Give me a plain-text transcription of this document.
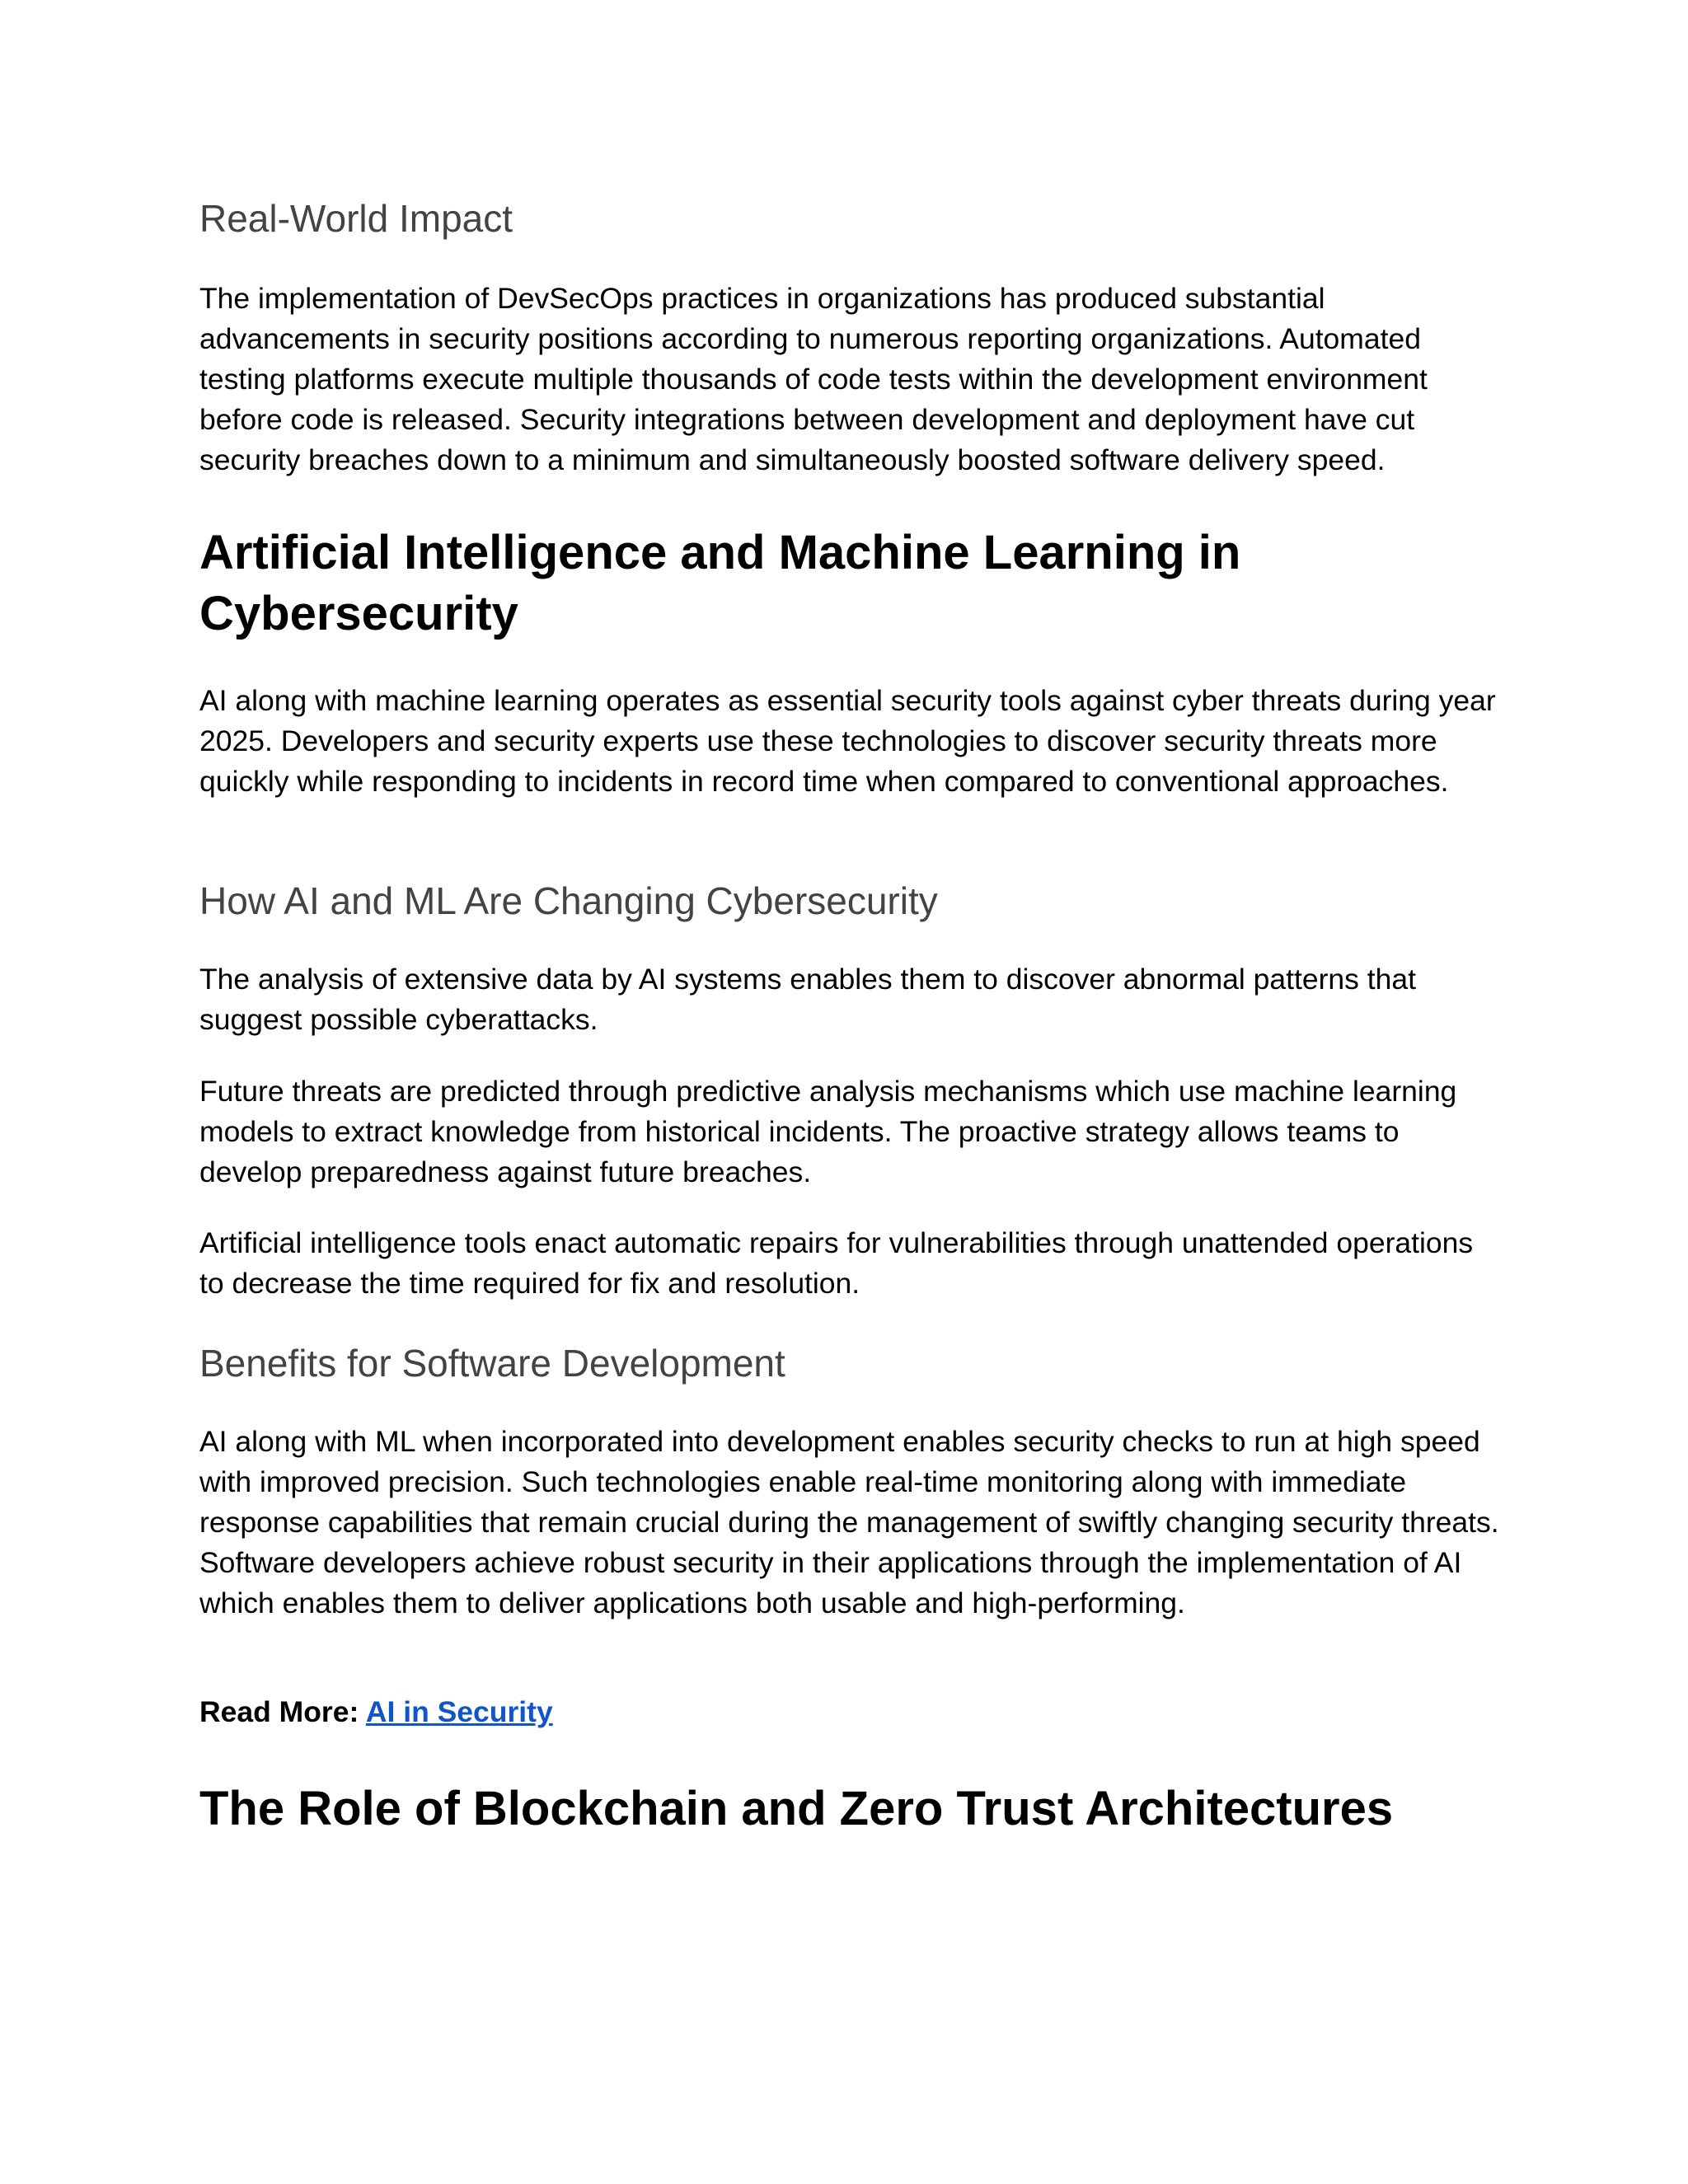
Real-World Impact

The implementation of DevSecOps practices in organizations has produced substantial advancements in security positions according to numerous reporting organizations. Automated testing platforms execute multiple thousands of code tests within the development environment before code is released. Security integrations between development and deployment have cut security breaches down to a minimum and simultaneously boosted software delivery speed.

Artificial Intelligence and Machine Learning in Cybersecurity

AI along with machine learning operates as essential security tools against cyber threats during year 2025. Developers and security experts use these technologies to discover security threats more quickly while responding to incidents in record time when compared to conventional approaches.

How AI and ML Are Changing Cybersecurity

The analysis of extensive data by AI systems enables them to discover abnormal patterns that suggest possible cyberattacks.

Future threats are predicted through predictive analysis mechanisms which use machine learning models to extract knowledge from historical incidents. The proactive strategy allows teams to develop preparedness against future breaches.

Artificial intelligence tools enact automatic repairs for vulnerabilities through unattended operations to decrease the time required for fix and resolution.

Benefits for Software Development

AI along with ML when incorporated into development enables security checks to run at high speed with improved precision. Such technologies enable real-time monitoring along with immediate response capabilities that remain crucial during the management of swiftly changing security threats. Software developers achieve robust security in their applications through the implementation of AI which enables them to deliver applications both usable and high-performing.

Read More: AI in Security

The Role of Blockchain and Zero Trust Architectures
